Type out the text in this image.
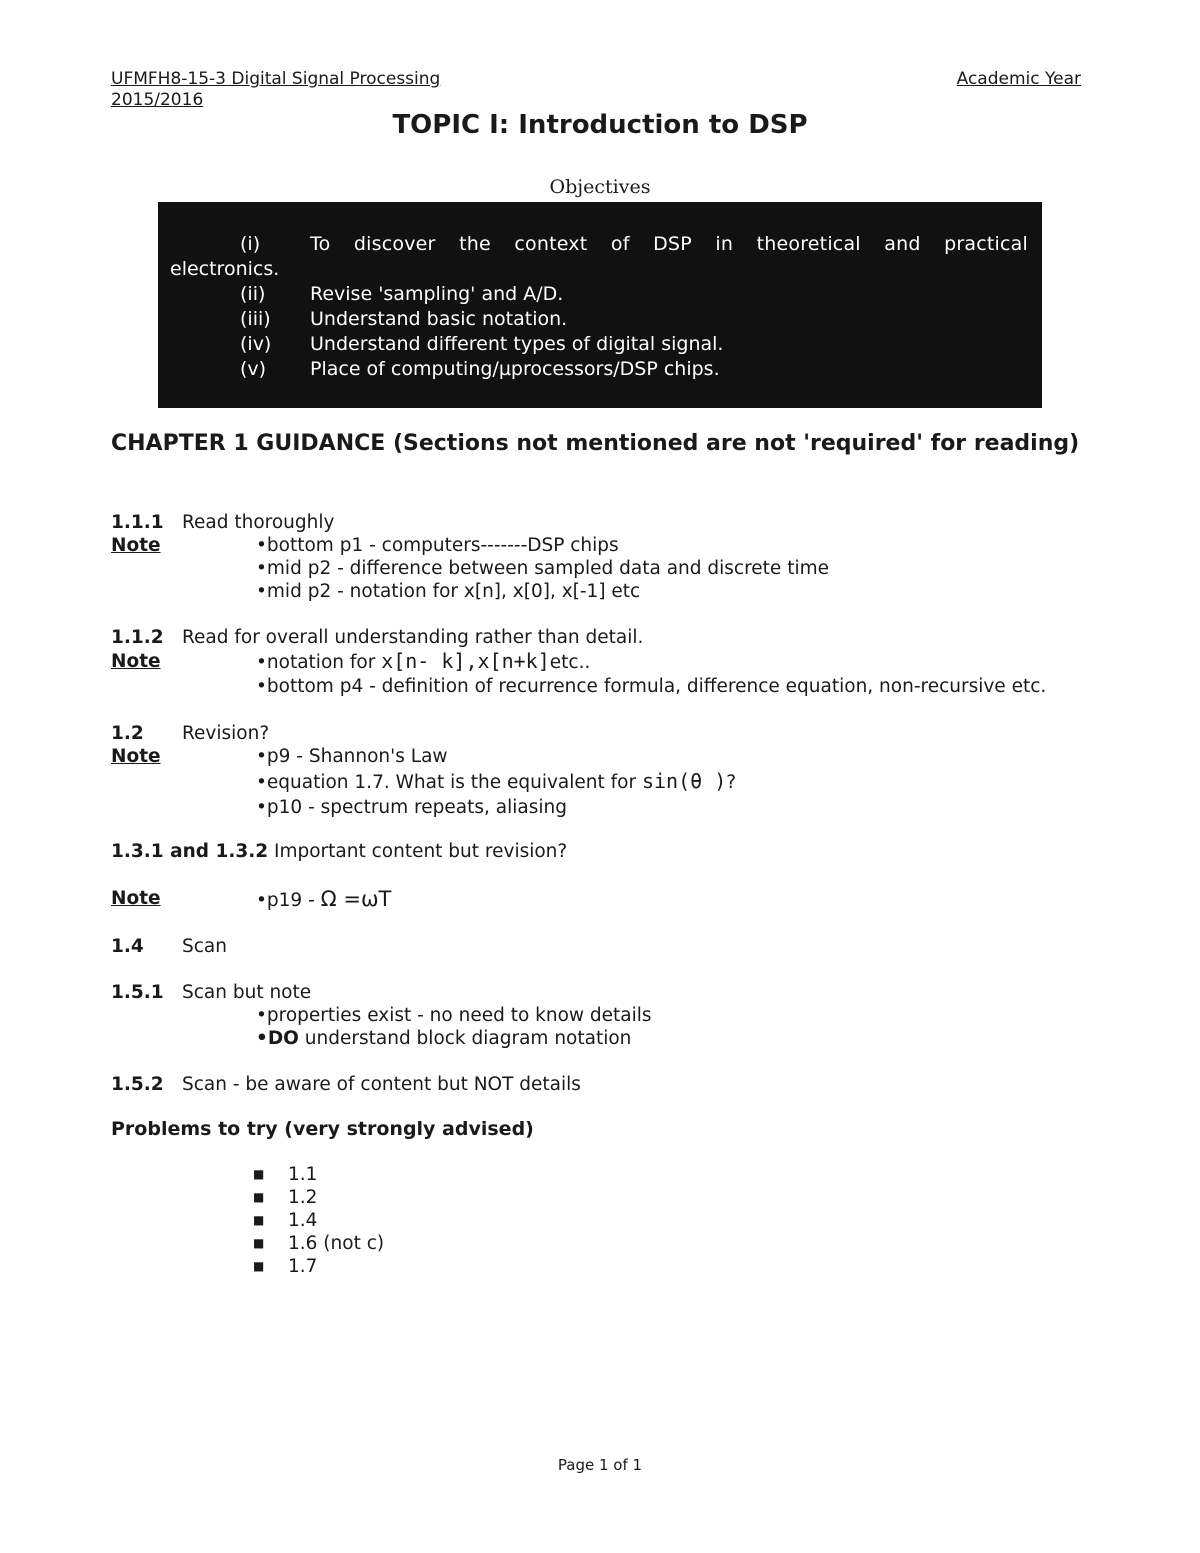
UFMFH8-15-3 Digital Signal Processing	Academic Year
2015/2016
TOPIC I: Introduction to DSP
Objectives
(i)	To discover the context of DSP in theoretical and practical
electronics.
(ii)	Revise 'sampling' and A/D.
(iii)	Understand basic notation.
(iv)	Understand different types of digital signal.
(v)	Place of computing/µprocessors/DSP chips.
CHAPTER 1 GUIDANCE (Sections not mentioned are not 'required' for reading)
1.1.1 Read thoroughly
Note	•bottom p1 - computers-------DSP chips
•mid p2 - difference between sampled data and discrete time
•mid p2 - notation for x[n], x[0], x[-1] etc
1.1.2 Read for overall understanding rather than detail.
Note	•notation for x[n- k],x[n+k]etc..
•bottom p4 - definition of recurrence formula, difference equation, non-recursive etc.
1.2	Revision?
Note	•p9 - Shannon's Law
•equation 1.7. What is the equivalent for sin(θ )?
•p10 - spectrum repeats, aliasing
1.3.1 and 1.3.2 Important content but revision?
Note	•p19 - Ω =ωT
1.4	Scan
1.5.1 Scan but note
•properties exist - no need to know details
•DO understand block diagram notation
1.5.2 Scan - be aware of content but NOT details
Problems to try (very strongly advised)
■	1.1
■	1.2
■	1.4
■	1.6 (not c)
■	1.7
Page 1 of 1
